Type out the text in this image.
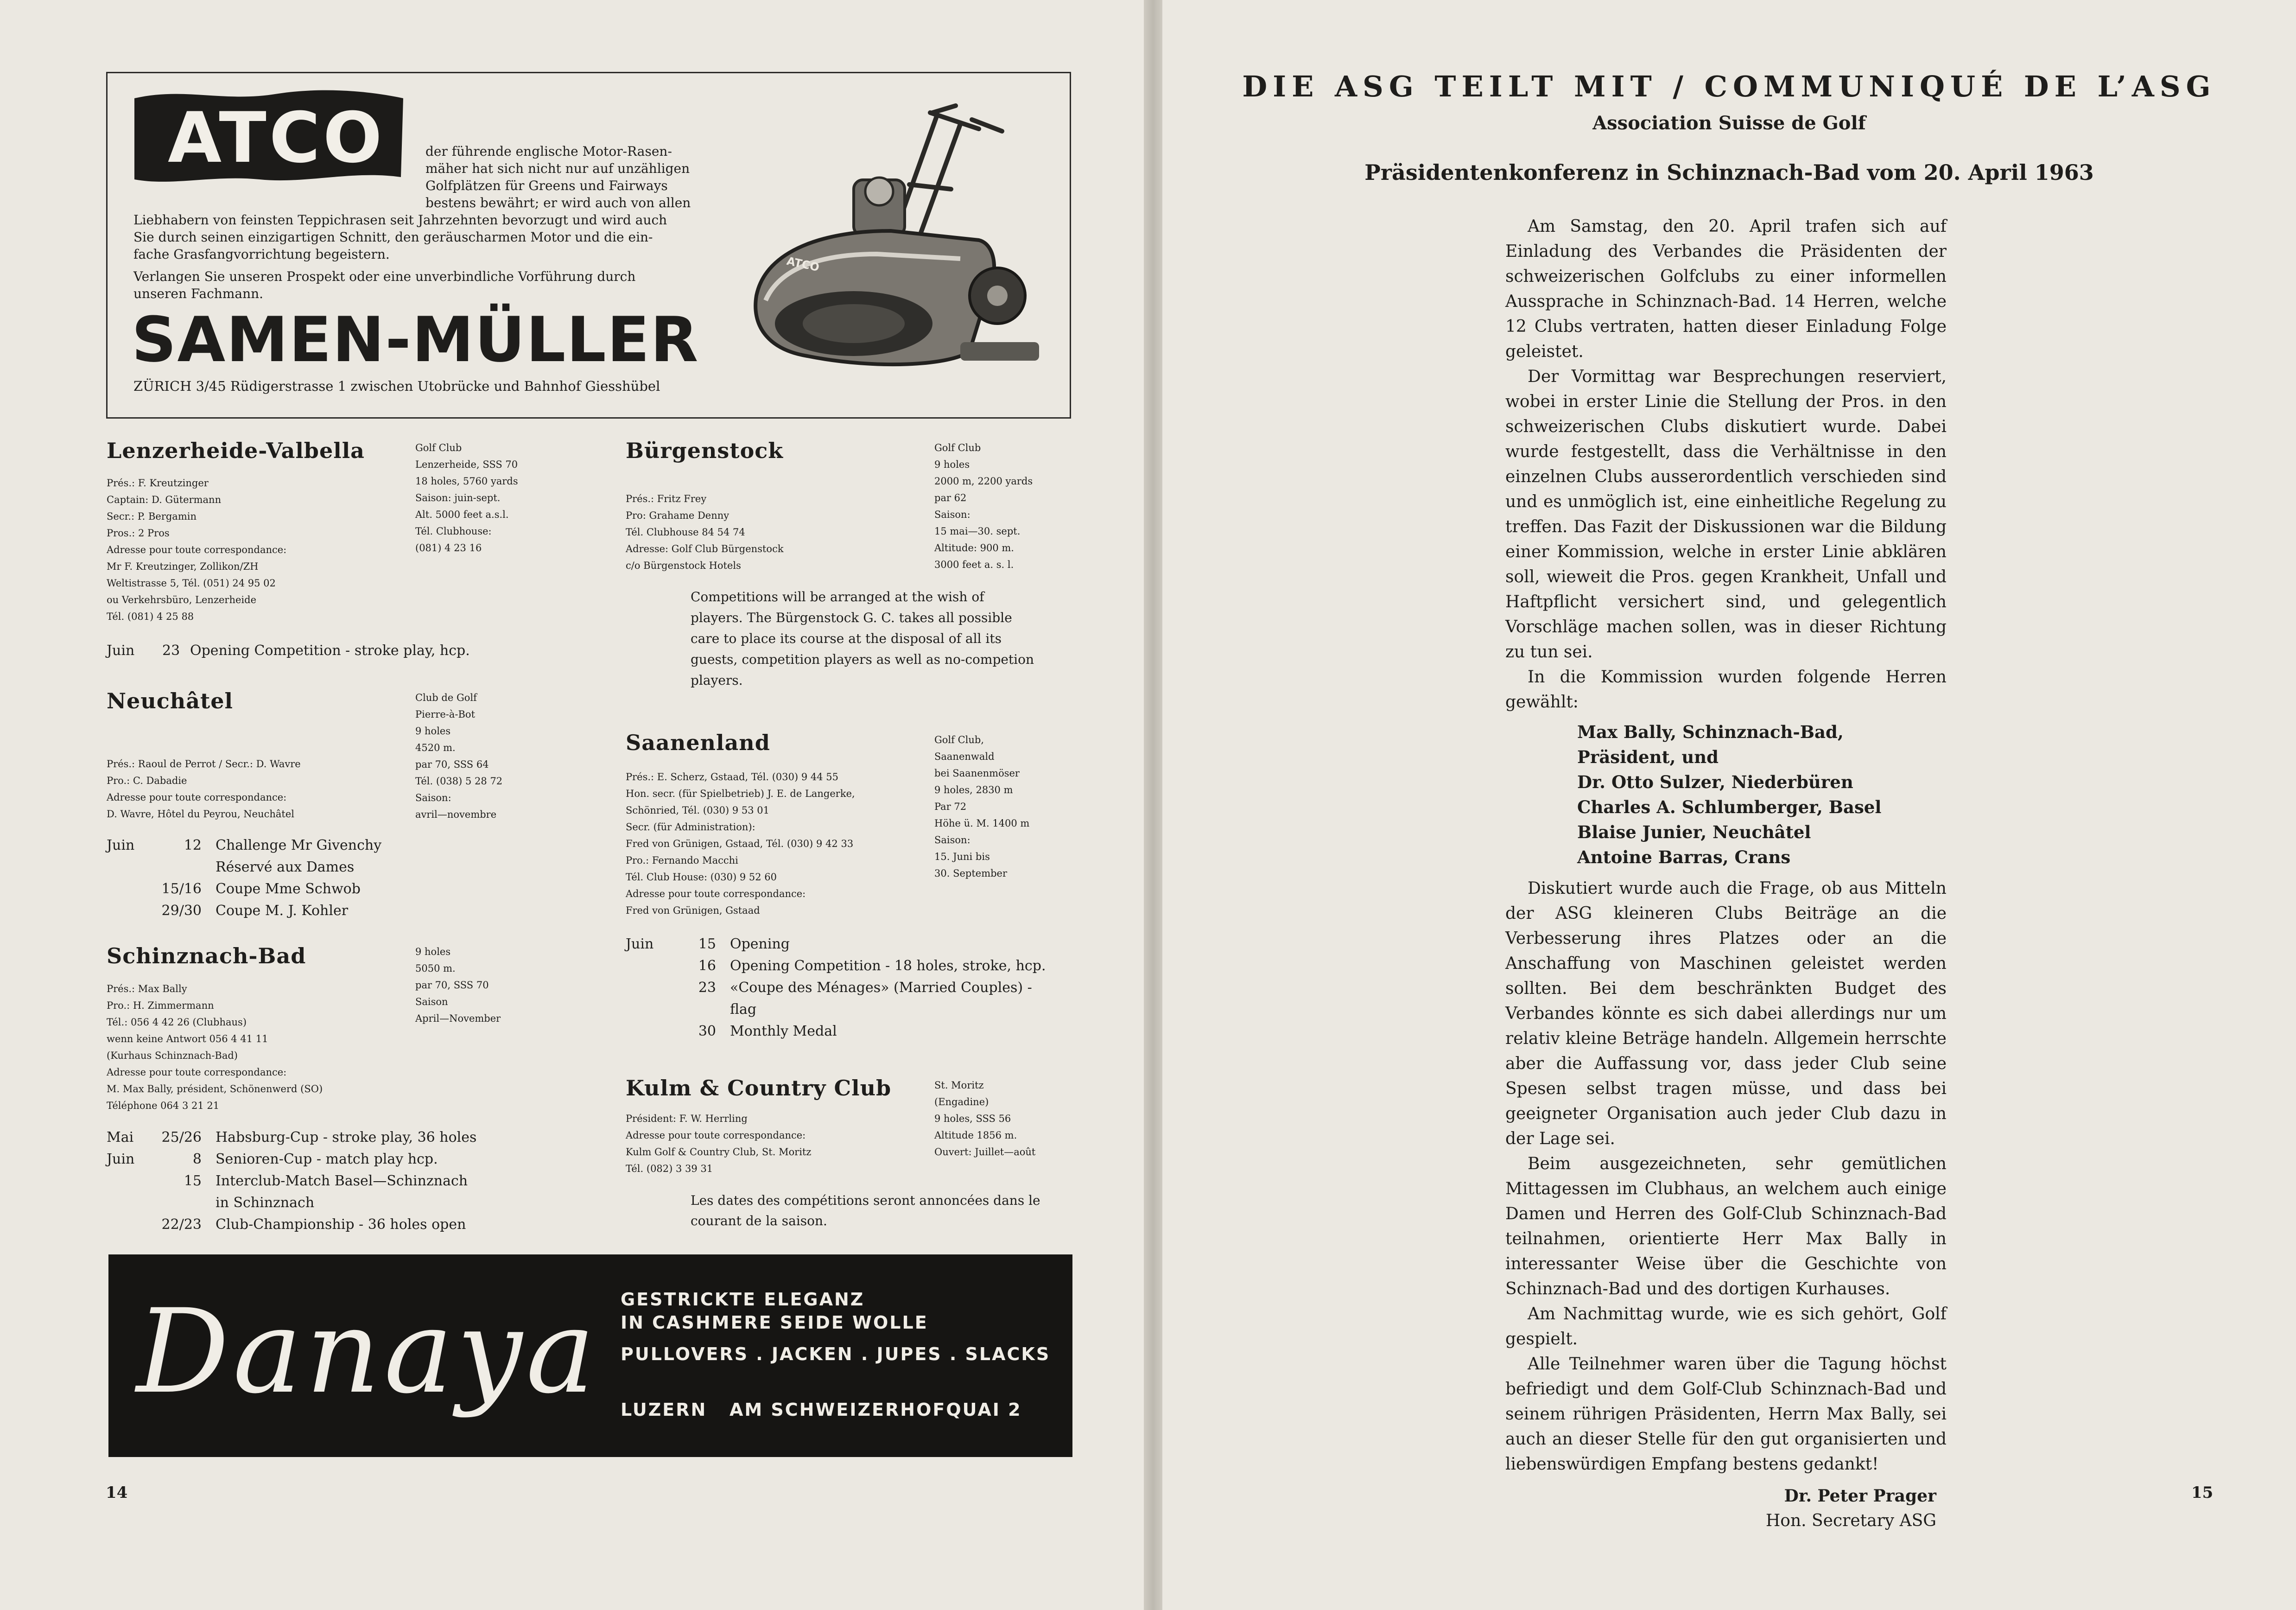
ATCO	der führende englische Motor-Rasen-
mäher hat sich nicht nur auf unzähligen
Golfplätzen für Greens und Fairways
bestens bewährt; er wird auch von allen
Liebhabern von feinsten Teppichrasen seit Jahrzehnten bevorzugt und wird auch
Sie durch seinen einzigartigen Schnitt, den geräuscharmen Motor und die ein-
fache Grasfangvorrichtung begeistern.
Verlangen Sie unseren Prospekt oder eine unverbindliche Vorführung durch
unseren Fachmann.
SAMEN-MÜLLER
ZÜRICH 3/45 Rüdigerstrasse 1 zwischen Utobrücke und Bahnhof Giesshübel
ATCO
Lenzerheide-Valbella
Prés.: F. Kreutzinger
Captain: D. Gütermann
Secr.: P. Bergamin
Pros.: 2 Pros
Adresse pour toute correspondance:
Mr F. Kreutzinger, Zollikon/ZH
Weltistrasse 5, Tél. (051) 24 95 02
ou Verkehrsbüro, Lenzerheide
Tél. (081) 4 25 88
Golf Club
Lenzerheide, SSS 70
18 holes, 5760 yards
Saison: juin-sept.
Alt. 5000 feet a.s.l.
Tél. Clubhouse:
(081) 4 23 16
Juin 23 Opening Competition - stroke play, hcp.
Neuchâtel	Club de Golf
Pierre-à-Bot
9 holes
4520 m.
par 70, SSS 64
Tél. (038) 5 28 72
Saison:
avril—novembre
Prés.: Raoul de Perrot / Secr.: D. Wavre
Pro.: C. Dabadie
Adresse pour toute correspondance:
D. Wavre, Hôtel du Peyrou, Neuchâtel
Juin	12 Challenge Mr Givenchy
Réservé aux Dames
15/16 Coupe Mme Schwob
29/30 Coupe M. J. Kohler
Schinznach-Bad	9 holes
5050 m.
par 70, SSS 70
Saison
April—November
Prés.: Max Bally
Pro.: H. Zimmermann
Tél.: 056 4 42 26 (Clubhaus)
wenn keine Antwort 056 4 41 11
(Kurhaus Schinznach-Bad)
Adresse pour toute correspondance:
M. Max Bally, président, Schönenwerd (SO)
Téléphone 064 3 21 21
Mai 25/26 Habsburg-Cup - stroke play, 36 holes
Juin	8 Senioren-Cup - match play hcp.
15 Interclub-Match Basel—Schinznach
in Schinznach
22/23 Club-Championship - 36 holes open
Bürgenstock	Golf Club
9 holes
2000 m, 2200 yards
par 62
Saison:
15 mai—30. sept.
Altitude: 900 m.
3000 feet a. s. l.
Prés.: Fritz Frey
Pro: Grahame Denny
Tél. Clubhouse 84 54 74
Adresse: Golf Club Bürgenstock
c/o Bürgenstock Hotels
Competitions will be arranged at the wish of
players. The Bürgenstock G. C. takes all possible
care to place its course at the disposal of all its
guests, competition players as well as no-competion
players.
Saanenland	Golf Club,
Saanenwald
bei Saanenmöser
9 holes, 2830 m
Par 72
Höhe ü. M. 1400 m
Saison:
15. Juni bis
30. September
Prés.: E. Scherz, Gstaad, Tél. (030) 9 44 55
Hon. secr. (für Spielbetrieb) J. E. de Langerke,
Schönried, Tél. (030) 9 53 01
Secr. (für Administration):
Fred von Grünigen, Gstaad, Tél. (030) 9 42 33
Pro.: Fernando Macchi
Tél. Club House: (030) 9 52 60
Adresse pour toute correspondance:
Fred von Grünigen, Gstaad
Juin	15 Opening
16 Opening Competition - 18 holes, stroke, hcp.
23 «Coupe des Ménages» (Married Couples) -
flag
30 Monthly Medal
Kulm & Country Club	St. Moritz
(Engadine)
9 holes, SSS 56
Altitude 1856 m.
Ouvert: Juillet—août
Président: F. W. Herrling
Adresse pour toute correspondance:
Kulm Golf & Country Club, St. Moritz
Tél. (082) 3 39 31
Les dates des compétitions seront annoncées dans le
courant de la saison.
Danaya GESTRICKTE ELEGANZ
IN CASHMERE SEIDE WOLLE
PULLOVERS . JACKEN . JUPES . SLACKS
LUZERN   AM SCHWEIZERHOFQUAI 2
14
DIE ASG TEILT MIT / COMMUNIQUÉ DE L’ASG
Association Suisse de Golf
Präsidentenkonferenz in Schinznach-Bad vom 20. April 1963

Am Samstag, den 20. April trafen sich auf Einladung des Verbandes die Präsidenten der schweizerischen Golfclubs zu einer informellen Aussprache in Schinznach-Bad. 14 Herren, welche 12 Clubs vertraten, hatten dieser Einladung Folge geleistet.

Der Vormittag war Besprechungen reserviert, wobei in erster Linie die Stellung der Pros. in den schweizerischen Clubs diskutiert wurde. Dabei wurde festgestellt, dass die Verhältnisse in den einzelnen Clubs ausserordentlich verschieden sind und es unmöglich ist, eine einheitliche Regelung zu treffen. Das Fazit der Diskussionen war die Bildung einer Kommission, welche in erster Linie abklären soll, wieweit die Pros. gegen Krankheit, Unfall und Haftpflicht versichert sind, und gelegentlich Vorschläge machen sollen, was in dieser Richtung zu tun sei.

In die Kommission wurden folgende Herren gewählt:

Max Bally, Schinznach-Bad, Präsident, und
Dr. Otto Sulzer, Niederbüren
Charles A. Schlumberger, Basel
Blaise Junier, Neuchâtel
Antoine Barras, Crans

Diskutiert wurde auch die Frage, ob aus Mitteln der ASG kleineren Clubs Beiträge an die Verbesserung ihres Platzes oder an die Anschaffung von Maschinen geleistet werden sollten. Bei dem beschränkten Budget des Verbandes könnte es sich dabei allerdings nur um relativ kleine Beträge handeln. Allgemein herrschte aber die Auffassung vor, dass jeder Club seine Spesen selbst tragen müsse, und dass bei geeigneter Organisation auch jeder Club dazu in der Lage sei.

Beim ausgezeichneten, sehr gemütlichen Mittagessen im Clubhaus, an welchem auch einige Damen und Herren des Golf-Club Schinznach-Bad teilnahmen, orientierte Herr Max Bally in interessanter Weise über die Geschichte von Schinznach-Bad und des dortigen Kurhauses.

Am Nachmittag wurde, wie es sich gehört, Golf gespielt.

Alle Teilnehmer waren über die Tagung höchst befriedigt und dem Golf-Club Schinznach-Bad und seinem rührigen Präsidenten, Herrn Max Bally, sei auch an dieser Stelle für den gut organisierten und liebenswürdigen Empfang bestens gedankt!

Dr. Peter Prager
Hon. Secretary ASG
15
